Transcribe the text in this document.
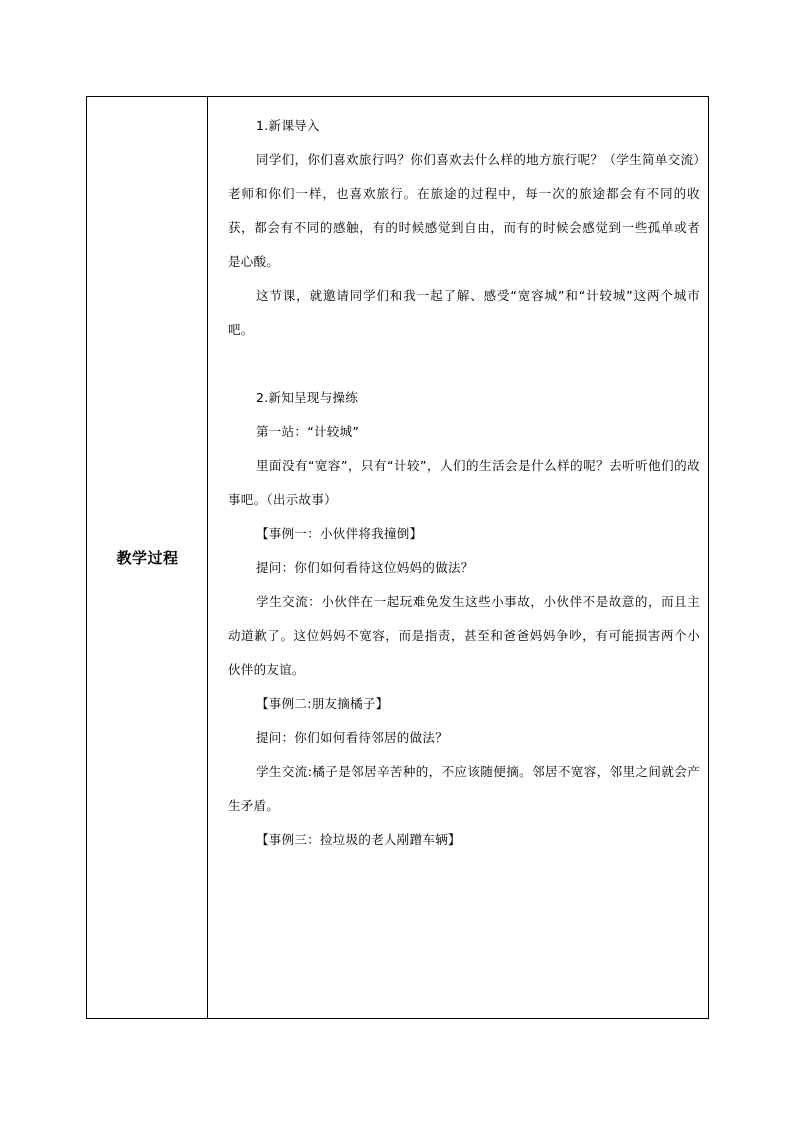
教学过程

1.新课导入

同学们，你们喜欢旅行吗？你们喜欢去什么样的地方旅行呢？（学生简单交流）老师和你们一样，也喜欢旅行。在旅途的过程中，每一次的旅途都会有不同的收获，都会有不同的感触，有的时候感觉到自由，而有的时候会感觉到一些孤单或者是心酸。

这节课，就邀请同学们和我一起了解、感受“宽容城”和“计较城”这两个城市吧。

2.新知呈现与操练

第一站：“计较城”

里面没有“宽容”，只有“计较”，人们的生活会是什么样的呢？去听听他们的故事吧。（出示故事）

【事例一：小伙伴将我撞倒】

提问：你们如何看待这位妈妈的做法？

学生交流：小伙伴在一起玩难免发生这些小事故，小伙伴不是故意的，而且主动道歉了。这位妈妈不宽容，而是指责，甚至和爸爸妈妈争吵，有可能损害两个小伙伴的友谊。

【事例二:朋友摘橘子】

提问：你们如何看待邻居的做法？

学生交流:橘子是邻居辛苦种的，不应该随便摘。邻居不宽容，邻里之间就会产生矛盾。

【事例三：捡垃圾的老人剐蹭车辆】
